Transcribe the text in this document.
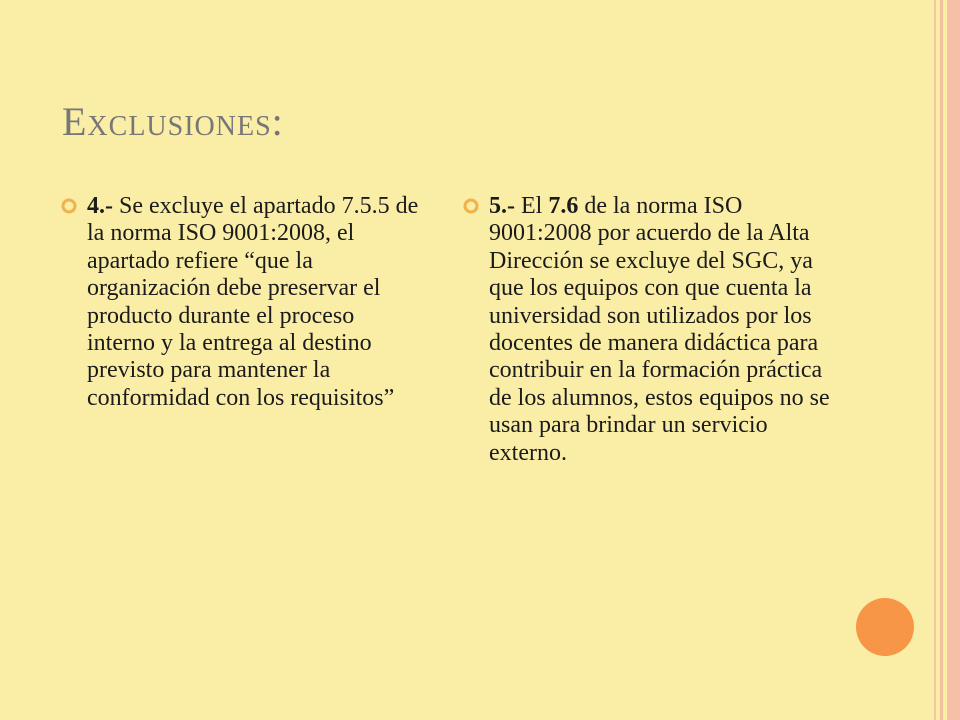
Exclusiones:
4.- Se excluye el apartado 7.5.5 de la norma ISO 9001:2008, el apartado refiere “que la organización debe preservar el producto durante el proceso interno y la entrega al destino previsto para mantener la conformidad con los requisitos”
5.- El 7.6 de la norma ISO 9001:2008 por acuerdo de la Alta Dirección se excluye del SGC, ya que los equipos con que cuenta la universidad son utilizados por los docentes de manera didáctica para contribuir en la formación práctica de los alumnos, estos equipos no se usan para brindar un servicio externo.
